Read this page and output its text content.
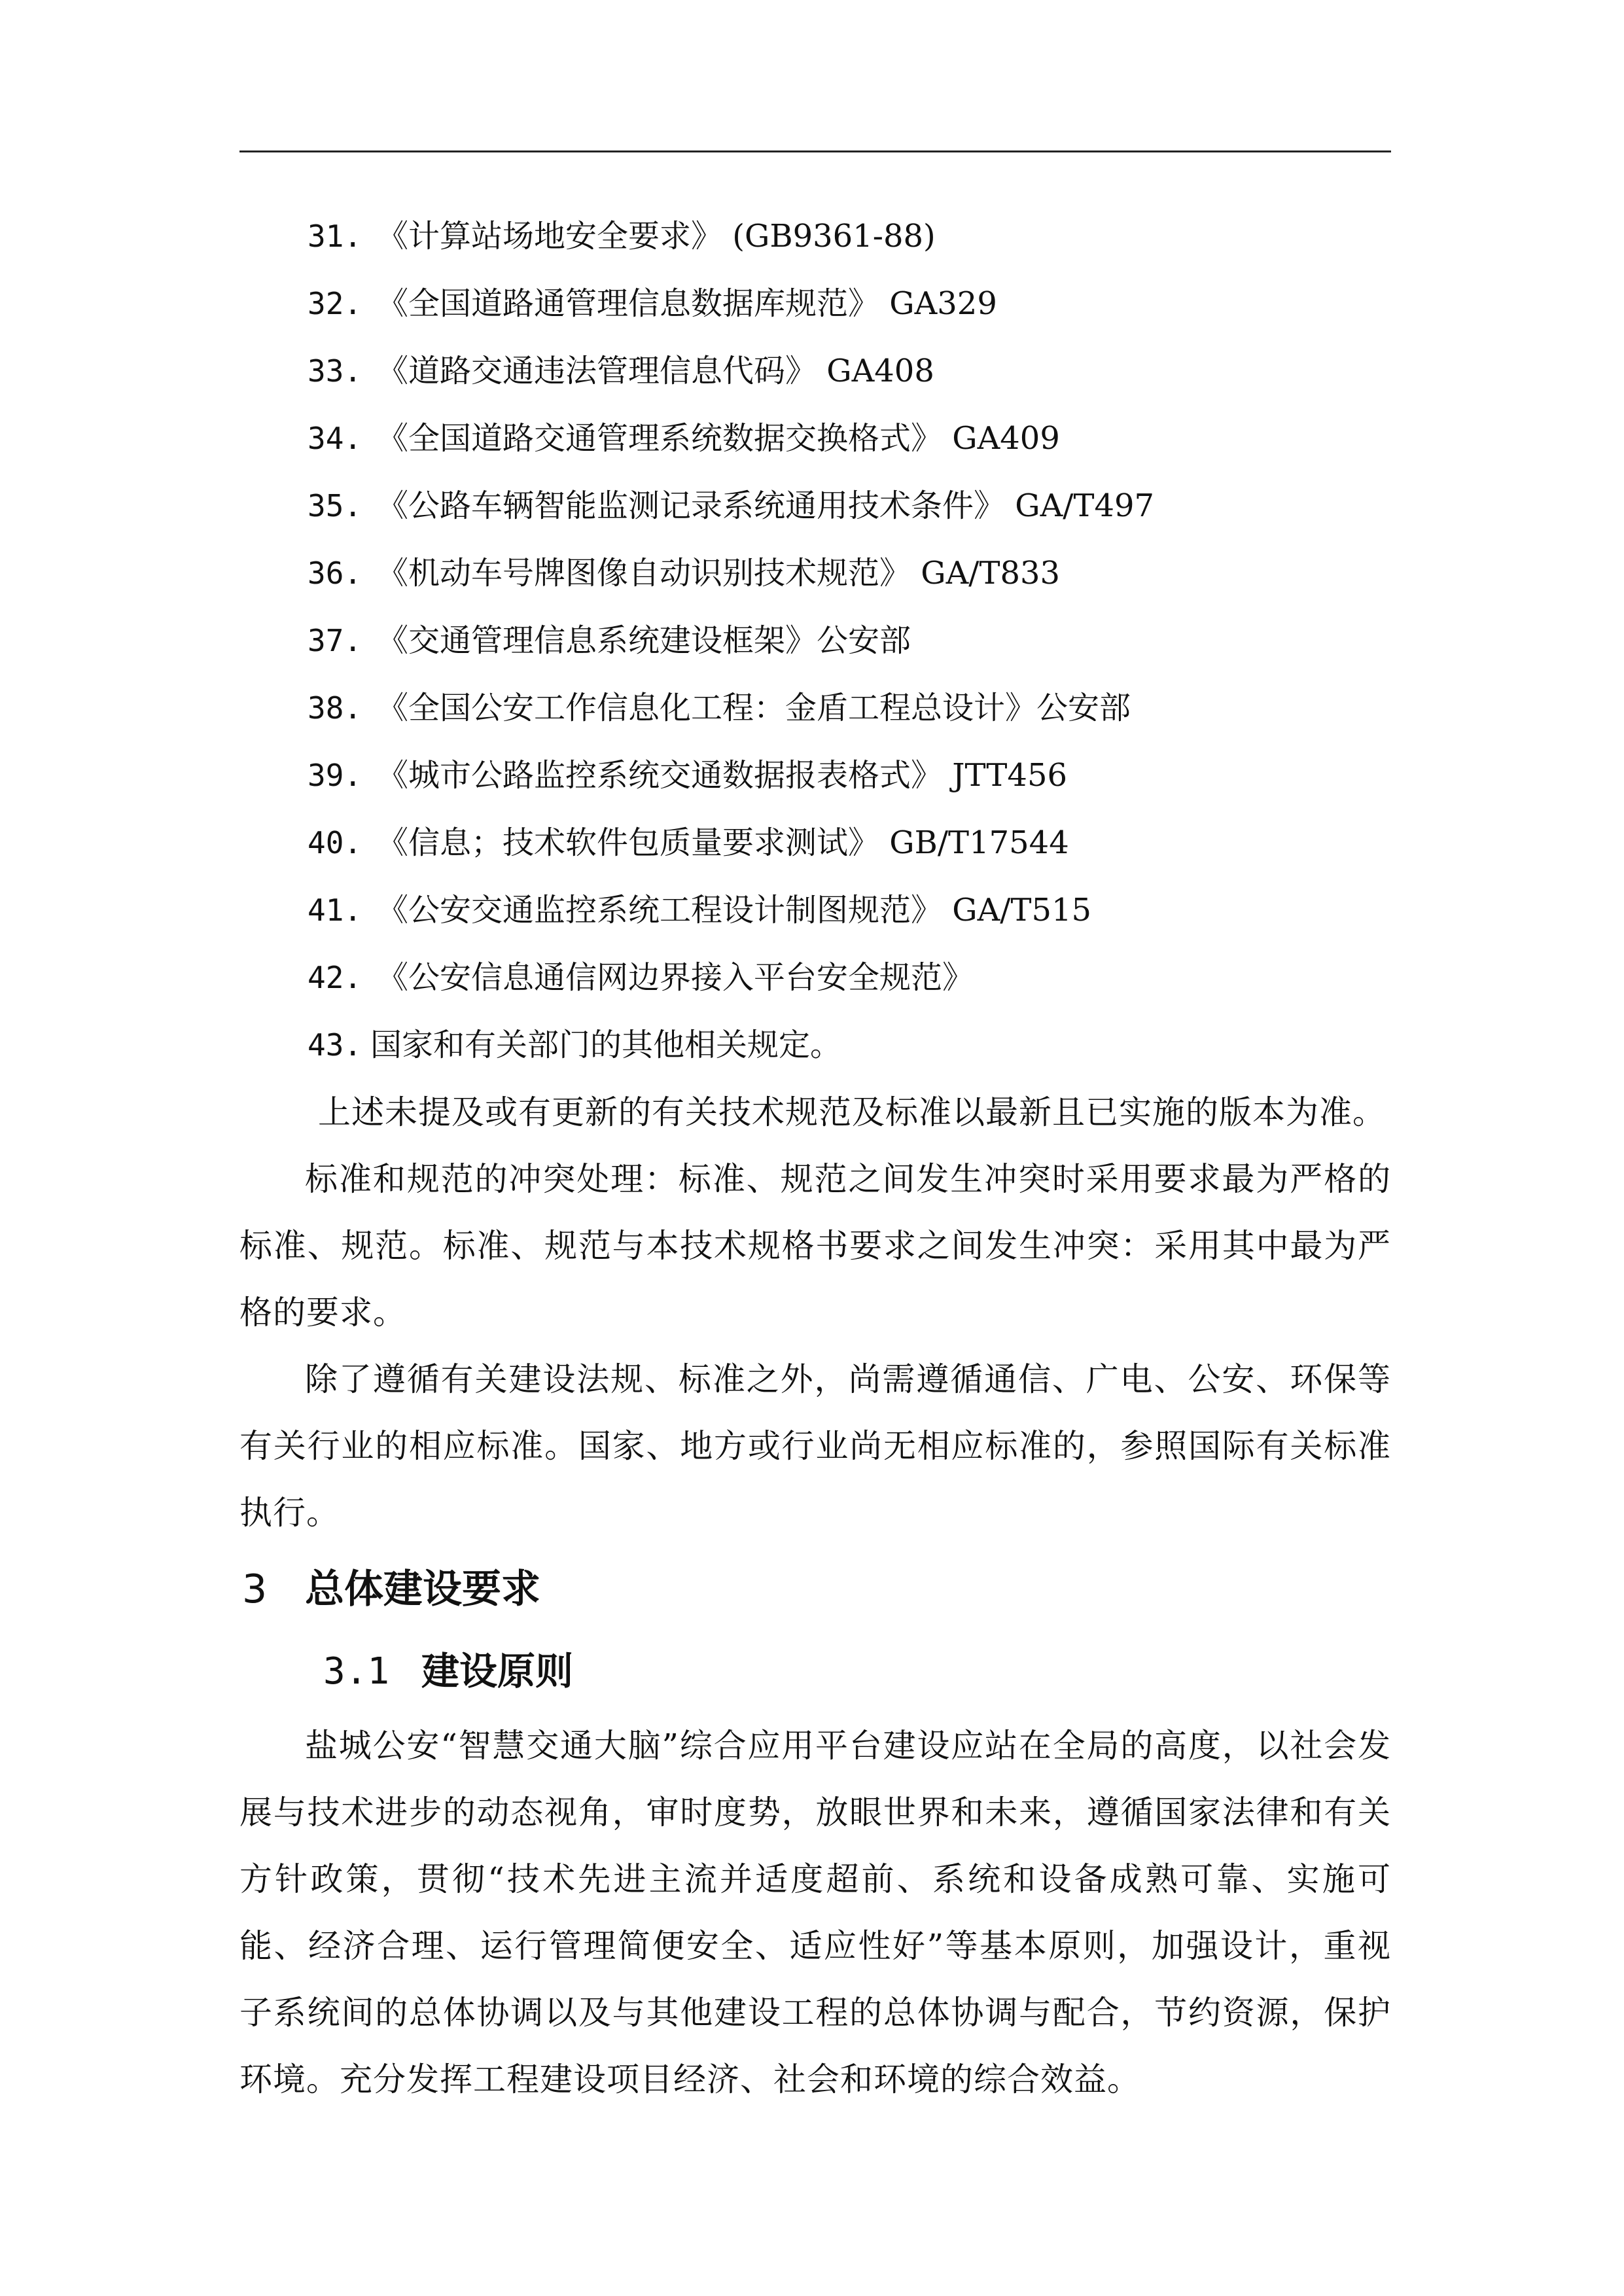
31. 《计算站场地安全要求》 (GB9361-88)
32. 《全国道路通管理信息数据库规范》 GA329
33. 《道路交通违法管理信息代码》 GA408
34. 《全国道路交通管理系统数据交换格式》 GA409
35. 《公路车辆智能监测记录系统通用技术条件》 GA/T497
36. 《机动车号牌图像自动识别技术规范》 GA/T833
37. 《交通管理信息系统建设框架》公安部
38. 《全国公安工作信息化工程：金盾工程总设计》公安部
39. 《城市公路监控系统交通数据报表格式》 JTT456
40. 《信息；技术软件包质量要求测试》 GB/T17544
41. 《公安交通监控系统工程设计制图规范》 GA/T515
42. 《公安信息通信网边界接入平台安全规范》
43. 国家和有关部门的其他相关规定。

上述未提及或有更新的有关技术规范及标准以最新且已实施的版本为准。

标准和规范的冲突处理：标准、规范之间发生冲突时采用要求最为严格的标准、规范。标准、规范与本技术规格书要求之间发生冲突：采用其中最为严格的要求。

除了遵循有关建设法规、标准之外，尚需遵循通信、广电、公安、环保等有关行业的相应标准。国家、地方或行业尚无相应标准的，参照国际有关标准执行。

3 总体建设要求
3.1 建设原则

盐城公安“智慧交通大脑”综合应用平台建设应站在全局的高度，以社会发展与技术进步的动态视角，审时度势，放眼世界和未来，遵循国家法律和有关方针政策，贯彻“技术先进主流并适度超前、系统和设备成熟可靠、实施可能、经济合理、运行管理简便安全、适应性好”等基本原则，加强设计，重视子系统间的总体协调以及与其他建设工程的总体协调与配合，节约资源，保护环境。充分发挥工程建设项目经济、社会和环境的综合效益。
